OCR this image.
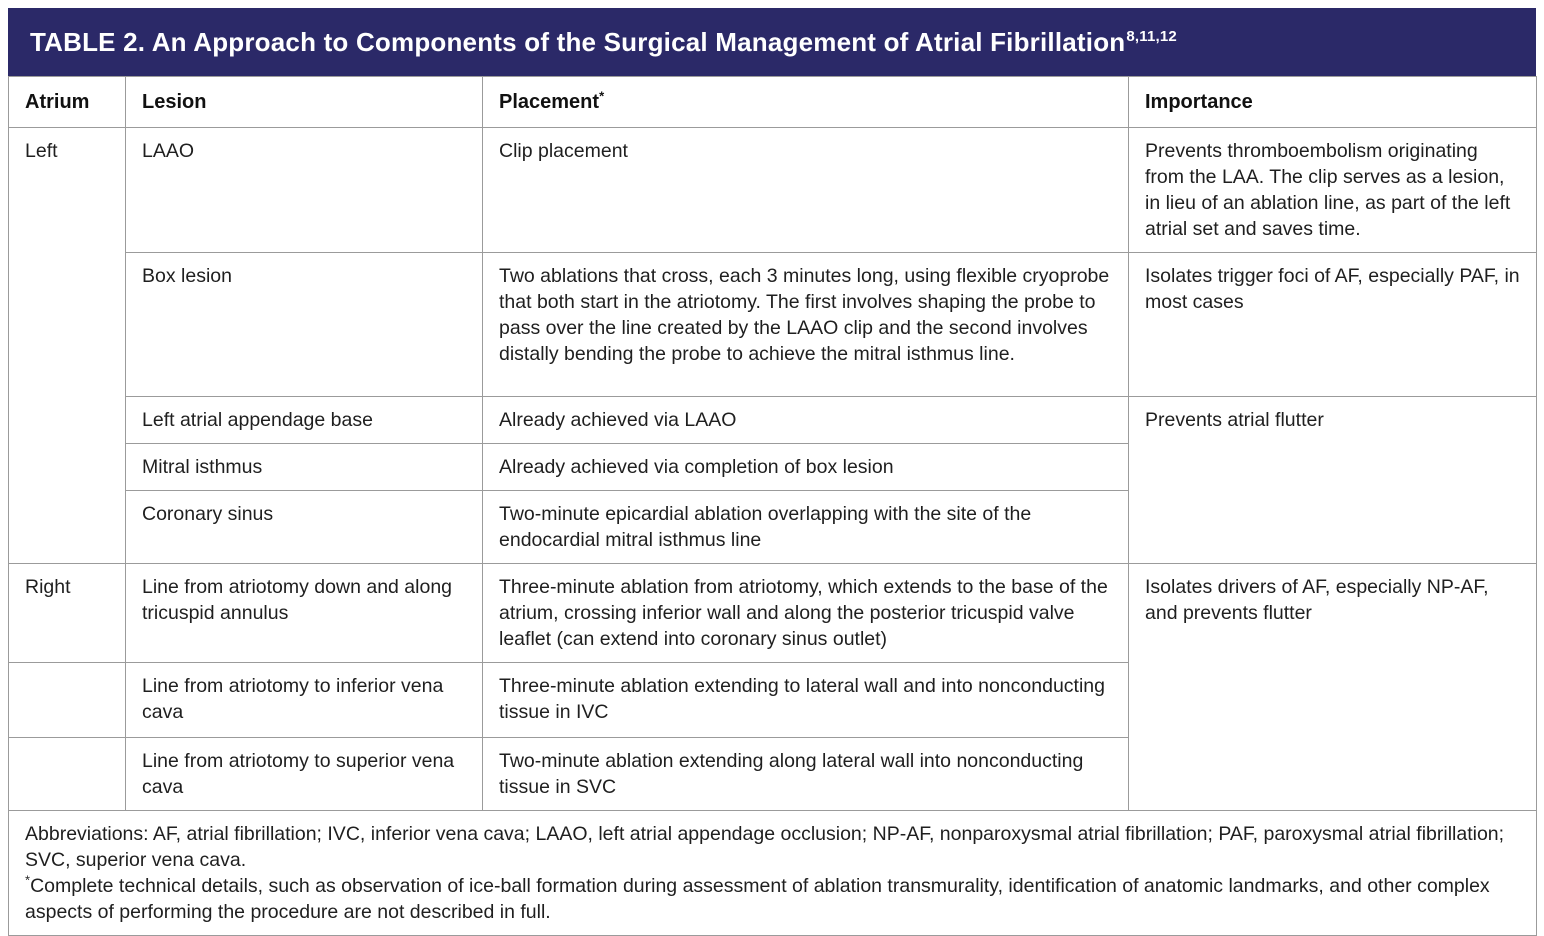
TABLE 2. An Approach to Components of the Surgical Management of Atrial Fibrillation$^{8,11,12}$
Atrium	Lesion	Placement*	Importance
Left	LAAO	Clip placement	Prevents thromboembolism originating from the LAA. The clip serves as a lesion, in lieu of an ablation line, as part of the left atrial set and saves time.
	Box lesion	Two ablations that cross, each 3 minutes long, using flexible cryoprobe that both start in the atriotomy. The first involves shaping the probe to pass over the line created by the LAAO clip and the second involves distally bending the probe to achieve the mitral isthmus line.	Isolates trigger foci of AF, especially PAF, in most cases
	Left atrial appendage base	Already achieved via LAAO	Prevents atrial flutter
	Mitral isthmus	Already achieved via completion of box lesion	
	Coronary sinus	Two-minute epicardial ablation overlapping with the site of the endocardial mitral isthmus line	
Right	Line from atriotomy down and along tricuspid annulus	Three-minute ablation from atriotomy, which extends to the base of the atrium, crossing inferior wall and along the posterior tricuspid valve leaflet (can extend into coronary sinus outlet)	Isolates drivers of AF, especially NP-AF, and prevents flutter
	Line from atriotomy to inferior vena cava	Three-minute ablation extending to lateral wall and into nonconducting tissue in IVC	
	Line from atriotomy to superior vena cava	Two-minute ablation extending along lateral wall into nonconducting tissue in SVC	

Abbreviations: AF, atrial fibrillation; IVC, inferior vena cava; LAAO, left atrial appendage occlusion; NP-AF, nonparoxysmal atrial fibrillation; PAF, paroxysmal atrial fibrillation; SVC, superior vena cava.

*Complete technical details, such as observation of ice-ball formation during assessment of ablation transmurality, identification of anatomic landmarks, and other complex aspects of performing the procedure are not described in full.			
